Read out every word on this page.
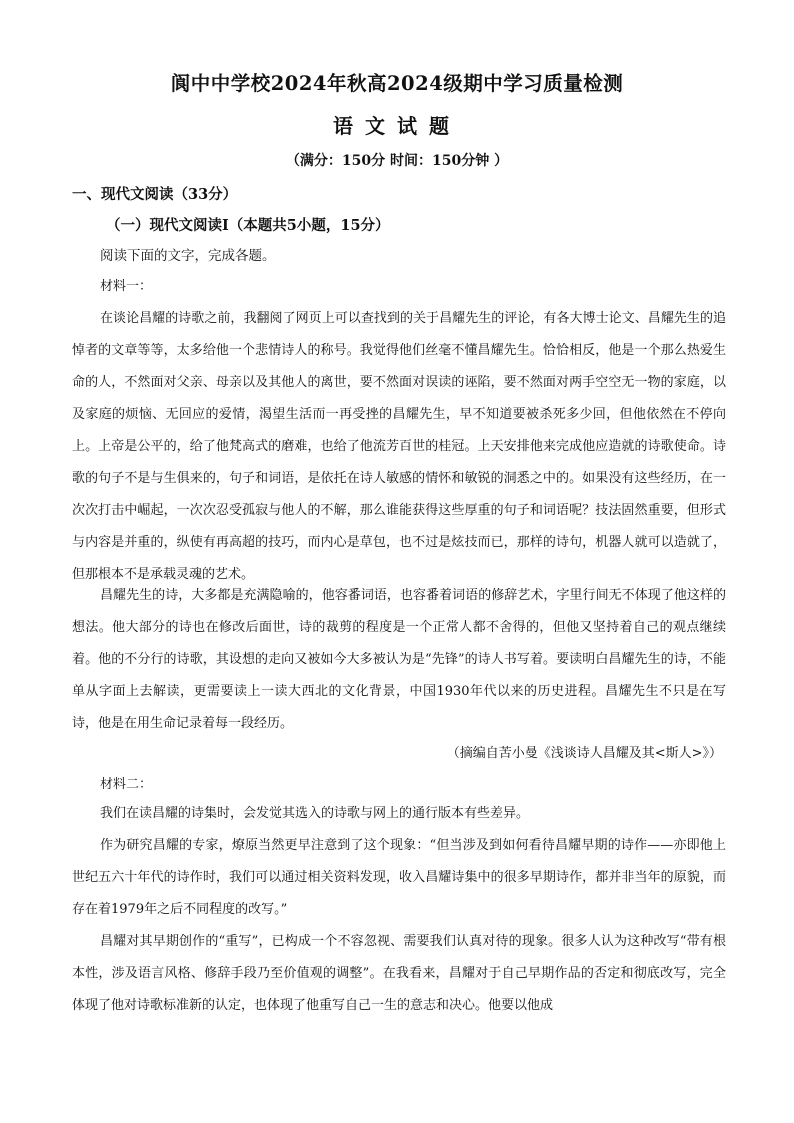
阆中中学校2024年秋高2024级期中学习质量检测
语文试题
（满分：150分 时间：150分钟 ）
一、现代文阅读（33分）
（一）现代文阅读Ⅰ（本题共5小题，15分）
阅读下面的文字，完成各题。
材料一：

在谈论昌耀的诗歌之前，我翻阅了网页上可以查找到的关于昌耀先生的评论，有各大博士论文、昌耀先生的追悼者的文章等等，太多给他一个悲情诗人的称号。我觉得他们丝毫不懂昌耀先生。恰恰相反，他是一个那么热爱生命的人，不然面对父亲、母亲以及其他人的离世，要不然面对误读的诬陷，要不然面对两手空空无一物的家庭，以及家庭的烦恼、无回应的爱情，渴望生活而一再受挫的昌耀先生，早不知道要被杀死多少回，但他依然在不停向上。上帝是公平的，给了他梵高式的磨难，也给了他流芳百世的桂冠。上天安排他来完成他应造就的诗歌使命。诗歌的句子不是与生俱来的，句子和词语，是依托在诗人敏感的情怀和敏锐的洞悉之中的。如果没有这些经历，在一次次打击中崛起，一次次忍受孤寂与他人的不解，那么谁能获得这些厚重的句子和词语呢？技法固然重要，但形式与内容是并重的，纵使有再高超的技巧，而内心是草包，也不过是炫技而已，那样的诗句，机器人就可以造就了，但那根本不是承载灵魂的艺术。

昌耀先生的诗，大多都是充满隐喻的，他容番词语，也容番着词语的修辞艺术，字里行间无不体现了他这样的想法。他大部分的诗也在修改后面世，诗的裁剪的程度是一个正常人都不舍得的，但他又坚持着自己的观点继续着。他的不分行的诗歌，其设想的走向又被如今大多被认为是“先锋”的诗人书写着。要读明白昌耀先生的诗，不能单从字面上去解读，更需要读上一读大西北的文化背景，中国1930年代以来的历史进程。昌耀先生不只是在写诗，他是在用生命记录着每一段经历。

（摘编自苦小曼《浅谈诗人昌耀及其<斯人>》）
材料二：

我们在读昌耀的诗集时，会发觉其选入的诗歌与网上的通行版本有些差异。

作为研究昌耀的专家，燎原当然更早注意到了这个现象：“但当涉及到如何看待昌耀早期的诗作——亦即他上世纪五六十年代的诗作时，我们可以通过相关资料发现，收入昌耀诗集中的很多早期诗作，都并非当年的原貌，而存在着1979年之后不同程度的改写。”

昌耀对其早期创作的“重写”，已构成一个不容忽视、需要我们认真对待的现象。很多人认为这种改写“带有根本性，涉及语言风格、修辞手段乃至价值观的调整”。在我看来，昌耀对于自己早期作品的否定和彻底改写，完全体现了他对诗歌标准新的认定，也体现了他重写自己一生的意志和决心。他要以他成
